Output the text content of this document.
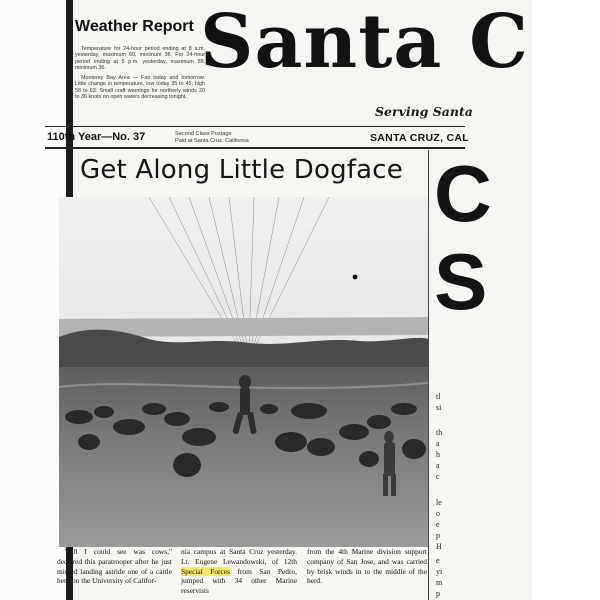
Weather Report

Temperature for 24-hour period ending at 8 a.m. yesterday, maximum 60, minimum 36. For 24-hour period ending at 5 p.m. yesterday, maximum 59, minimum 36.

Monterey Bay Area — Fair today and tomorrow. Little change in temperature, low today 35 to 45, high 58 to 63. Small craft warnings for northerly winds 20 to 30 knots on open waters decreasing tonight.

Santa C
Serving Santa
110th Year—No. 37	Second Class Postage
Paid at Santa Cruz, California	SANTA CRUZ, CAL
Get Along Little Dogface C
S
tl
si
th
a
h
a
c
le
o
e
p
H
e
yi
m
p
"All I could see was cows," declared this paratrooper after he just missed landing astride one of a cattle herd on the University of Califor-
nia campus at Santa Cruz yesterday. Lt. Eugene Lewandowski, of 12th Special Forces from San Pedro, jumped with 34 other Marine reservists
from the 4th Marine division support company of San Jose, and was carried by brisk winds in to the middle of the herd.
